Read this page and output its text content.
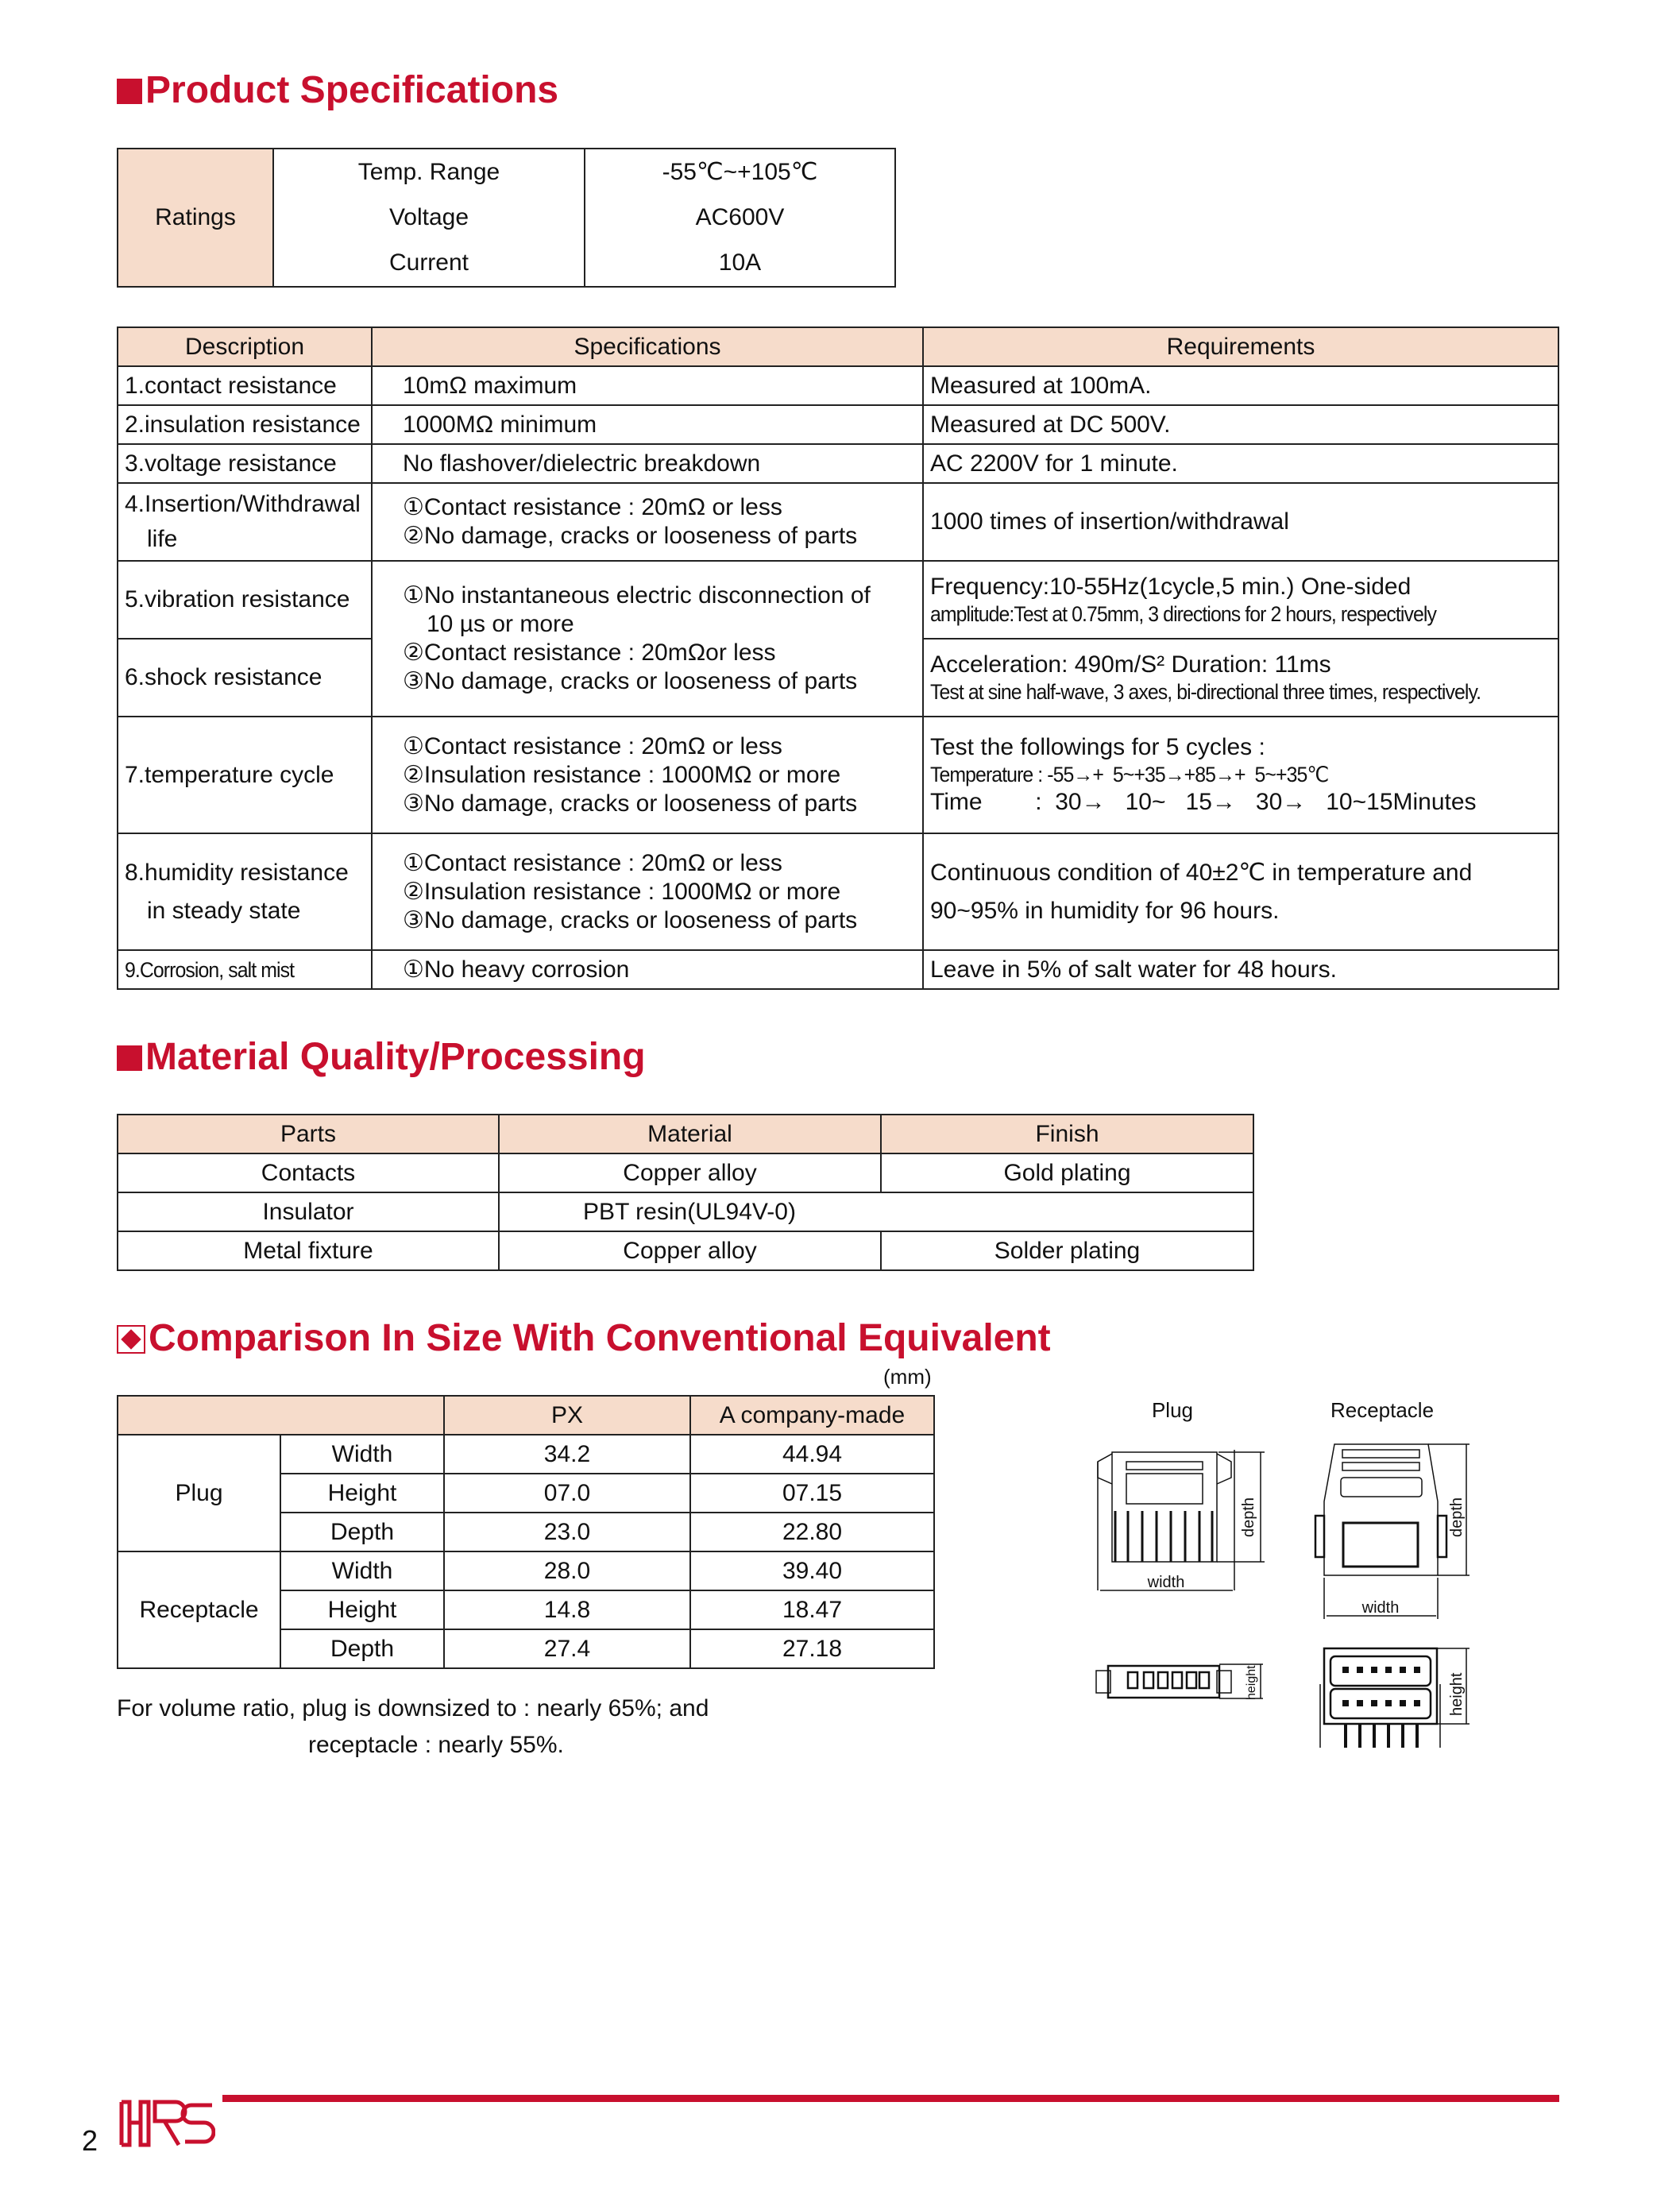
Product Specifications
Ratings	Temp. Range	-55℃~+105℃
	Voltage	AC600V
	Current	10A
Description	Specifications	Requirements
1.contact resistance	10mΩ maximum	Measured at 100mA.
2.insulation resistance	1000MΩ minimum	Measured at DC 500V.
3.voltage resistance	No flashover/dielectric breakdown	AC 2200V for 1 minute.

4.Insertion/Withdrawal
life	①Contact resistance : 20mΩ or less
②No damage, cracks or looseness of parts	1000 times of insertion/withdrawal
5.vibration resistance	①No instantaneous electric disconnection of
10 µs or more
②Contact resistance : 20mΩor less
③No damage, cracks or looseness of parts	Frequency:10-55Hz(1cycle,5 min.) One-sided
amplitude:Test at 0.75mm, 3 directions for 2 hours, respectively

6.shock resistance		Acceleration: 490m/S² Duration: 11ms
Test at sine half-wave, 3 axes, bi-directional three times, respectively.

7.temperature cycle	①Contact resistance : 20mΩ or less
②Insulation resistance : 1000MΩ or more
③No damage, cracks or looseness of parts	Test the followings for 5 cycles :
Temperature : -55→+  5~+35→+85→+  5~+35℃
Time        :  30→   10~   15→   30→   10~15Minutes

8.humidity resistance
in steady state	①Contact resistance : 20mΩ or less
②Insulation resistance : 1000MΩ or more
③No damage, cracks or looseness of parts	Continuous condition of 40±2℃ in temperature and
90~95% in humidity for 96 hours.

9.Corrosion, salt mist	①No heavy corrosion	Leave in 5% of salt water for 48 hours.
Material Quality/Processing
Parts	Material	Finish
Contacts	Copper alloy	Gold plating
Insulator	PBT resin(UL94V-0)	
Metal fixture	Copper alloy	Solder plating
Comparison In Size With Conventional Equivalent
(mm)
		PX	A company-made
Plug	Width	34.2	44.94
	Height	07.0	07.15
	Depth	23.0	22.80
Receptacle	Width	28.0	39.40
	Height	14.8	18.47
	Depth	27.4	27.18
For volume ratio, plug is downsized to : nearly 65%; and
receptacle : nearly 55%.
Plug	Receptacle
width
depth
width
depth
height	height
2
